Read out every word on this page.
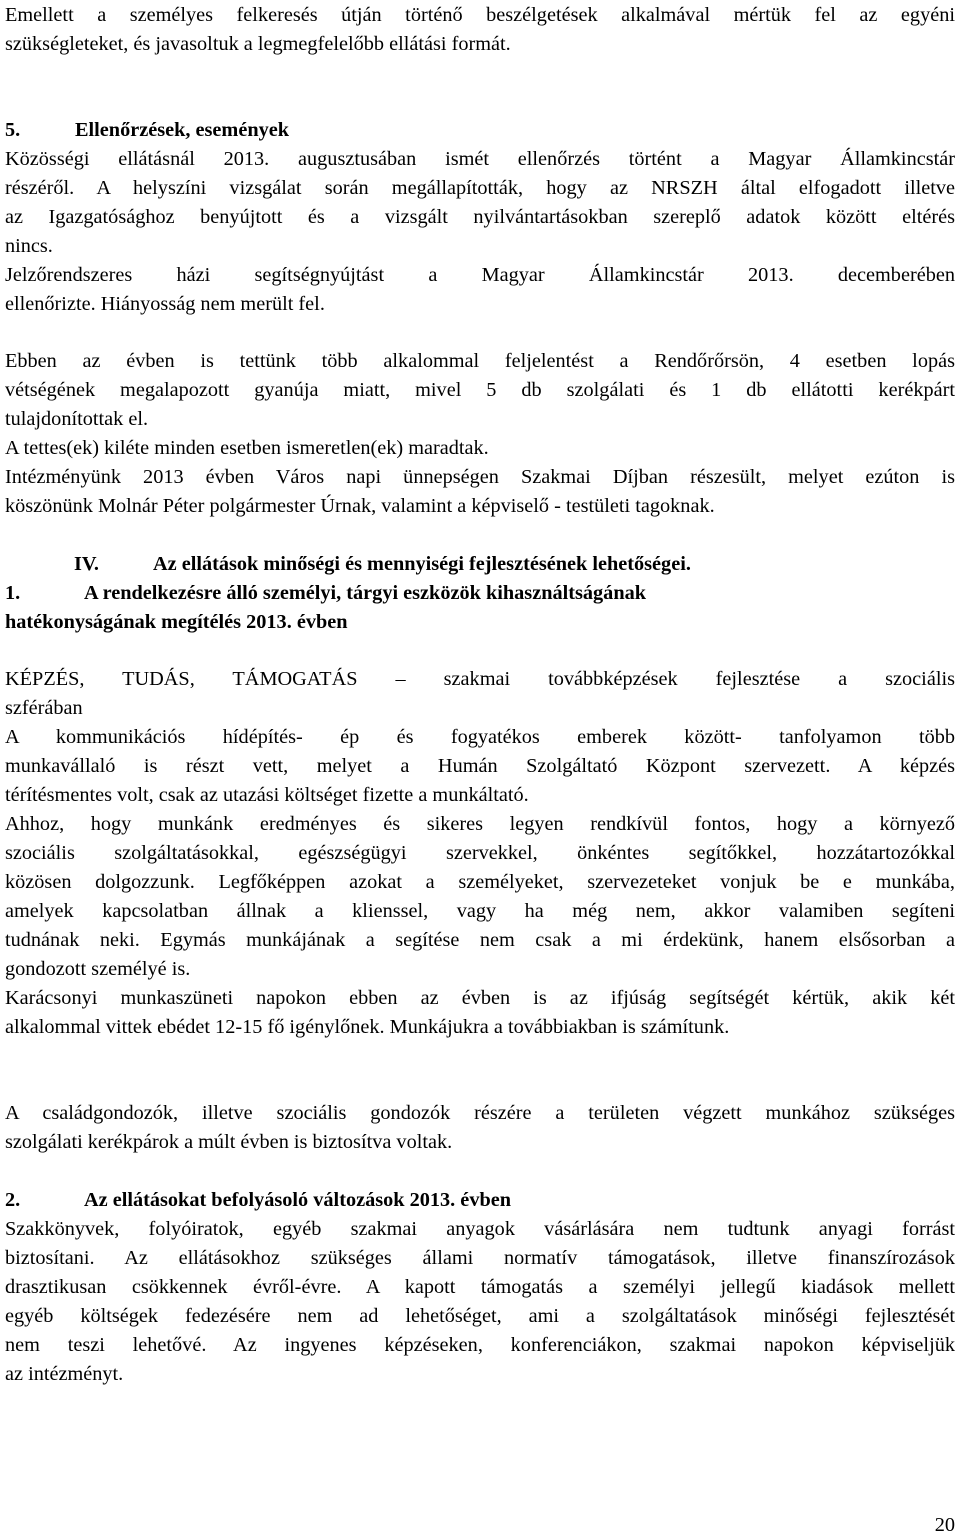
Emellett a személyes felkeresés útján történő beszélgetések alkalmával mértük fel az egyéni
szükségleteket, és javasoltuk a legmegfelelőbb ellátási formát.
5.	Ellenőrzések, események
Közösségi ellátásnál 2013. augusztusában ismét ellenőrzés történt a Magyar Államkincstár
részéről. A helyszíni vizsgálat során megállapították, hogy az NRSZH által elfogadott illetve
az Igazgatósághoz benyújtott és a vizsgált nyilvántartásokban szereplő adatok között eltérés
nincs.
Jelzőrendszeres házi segítségnyújtást a Magyar Államkincstár 2013. decemberében
ellenőrizte. Hiányosság nem merült fel.
Ebben az évben is tettünk több alkalommal feljelentést a Rendőrőrsön, 4 esetben lopás
vétségének megalapozott gyanúja miatt, mivel 5 db szolgálati és 1 db ellátotti kerékpárt
tulajdonítottak el.
A tettes(ek) kiléte minden esetben ismeretlen(ek) maradtak.
Intézményünk 2013 évben Város napi ünnepségen Szakmai Díjban részesült, melyet ezúton is
köszönünk Molnár Péter polgármester Úrnak, valamint a képviselő - testületi tagoknak.
IV.	Az ellátások minőségi és mennyiségi fejlesztésének lehetőségei.
1.	A rendelkezésre álló személyi, tárgyi eszközök kihasználtságának
hatékonyságának megítélés 2013. évben
KÉPZÉS, TUDÁS, TÁMOGATÁS – szakmai továbbképzések fejlesztése a szociális
szférában
A kommunikációs hídépítés- ép és fogyatékos emberek között- tanfolyamon több
munkavállaló is részt vett, melyet a Humán Szolgáltató Központ szervezett. A képzés
térítésmentes volt, csak az utazási költséget fizette a munkáltató.
Ahhoz, hogy munkánk eredményes és sikeres legyen rendkívül fontos, hogy a környező
szociális szolgáltatásokkal, egészségügyi szervekkel, önkéntes segítőkkel, hozzátartozókkal
közösen dolgozzunk. Legfőképpen azokat a személyeket, szervezeteket vonjuk be e munkába,
amelyek kapcsolatban állnak a klienssel, vagy ha még nem, akkor valamiben segíteni
tudnának neki. Egymás munkájának a segítése nem csak a mi érdekünk, hanem elsősorban a
gondozott személyé is.
Karácsonyi munkaszüneti napokon ebben az évben is az ifjúság segítségét kértük, akik két
alkalommal vittek ebédet 12-15 fő igénylőnek. Munkájukra a továbbiakban is számítunk.
A családgondozók, illetve szociális gondozók részére a területen végzett munkához szükséges
szolgálati kerékpárok a múlt évben is biztosítva voltak.
2.	Az ellátásokat befolyásoló változások 2013. évben
Szakkönyvek, folyóiratok, egyéb szakmai anyagok vásárlására nem tudtunk anyagi forrást
biztosítani. Az ellátásokhoz szükséges állami normatív támogatások, illetve finanszírozások
drasztikusan csökkennek évről-évre. A kapott támogatás a személyi jellegű kiadások mellett
egyéb költségek fedezésére nem ad lehetőséget, ami a szolgáltatások minőségi fejlesztését
nem teszi lehetővé. Az ingyenes képzéseken, konferenciákon, szakmai napokon képviseljük
az intézményt.
20
